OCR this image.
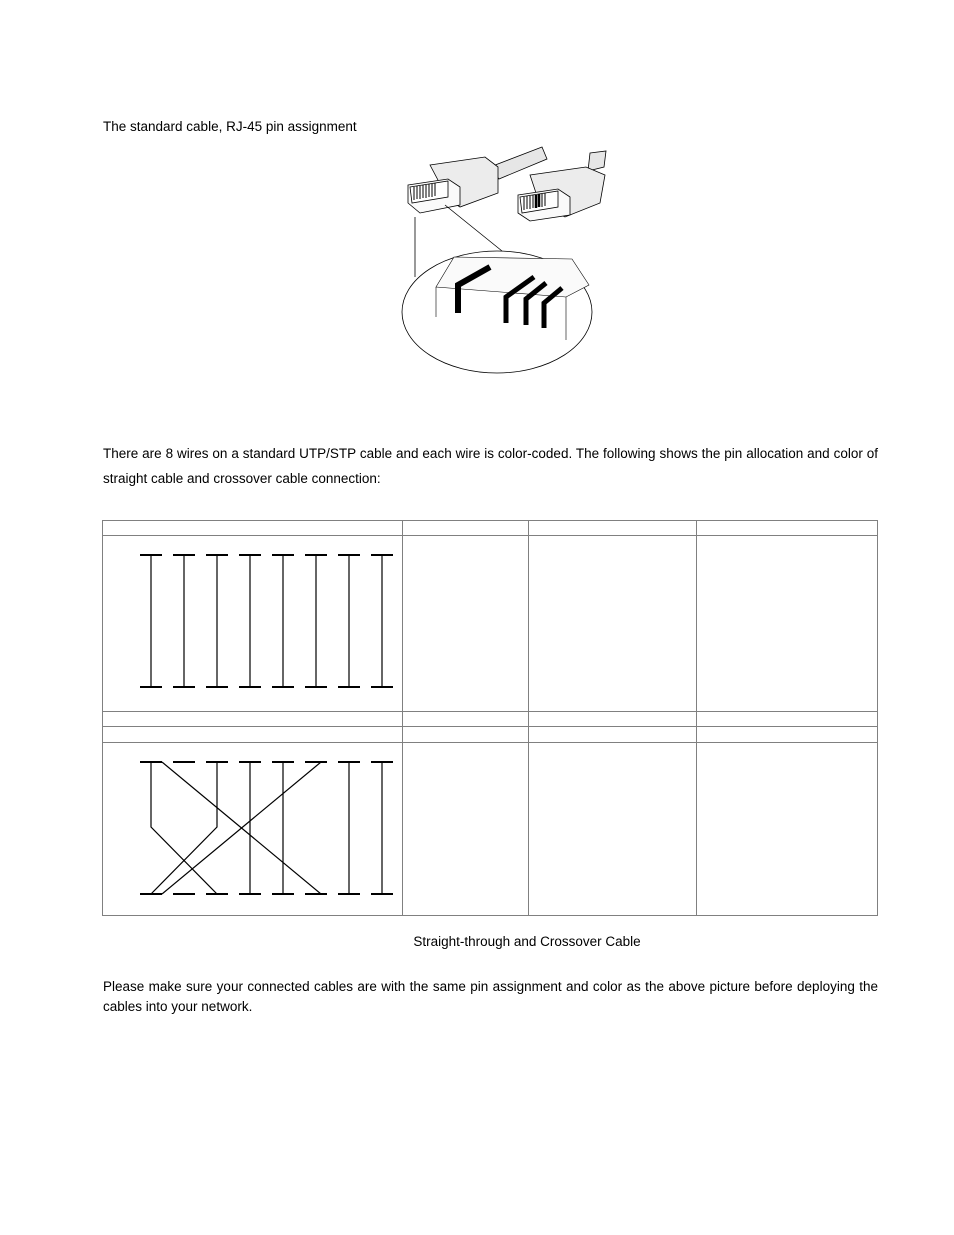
The standard cable, RJ-45 pin assignment
There are 8 wires on a standard UTP/STP cable and each wire is color-coded. The following shows the pin allocation and color of straight cable and crossover cable connection:
Straight-through and Crossover Cable
Please make sure your connected cables are with the same pin assignment and color as the above picture before deploying the cables into your network.
